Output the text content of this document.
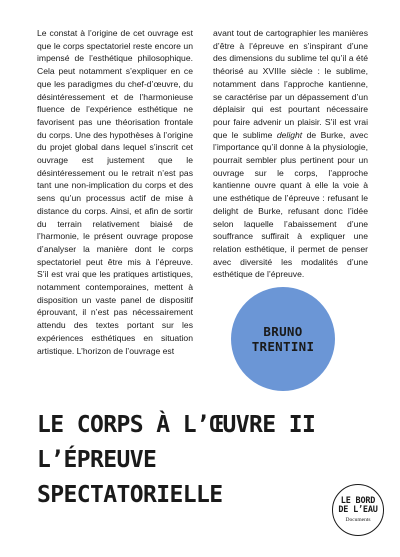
Le constat à l’origine de cet ouvrage est que le corps spectatoriel reste encore un impensé de l’esthétique philosophique. Cela peut notamment s’expliquer en ce que les paradigmes du chef-d’œuvre, du désintéressement et de l’harmonieuse fluence de l’expérience esthétique ne favorisent pas une théorisation frontale du corps. Une des hypothèses à l’origine du projet global dans lequel s’inscrit cet ouvrage est justement que le désintéressement ou le retrait n’est pas tant une non-implication du corps et des sens qu’un processus actif de mise à distance du corps. Ainsi, et afin de sortir du terrain relativement biaisé de l’harmonie, le présent ouvrage propose d’analyser la manière dont le corps spectatoriel peut être mis à l’épreuve. S’il est vrai que les pratiques artistiques, notamment contemporaines, mettent à disposition un vaste panel de dispositif éprouvant, il n’est pas nécessairement attendu des textes portant sur les expériences esthétiques en situation artistique. L’horizon de l’ouvrage est

avant tout de cartographier les manières d’être à l’épreuve en s’inspirant d’une des dimensions du sublime tel qu’il a été théorisé au XVIIIe siècle : le sublime, notamment dans l’approche kantienne, se caractérise par un dépassement d’un déplaisir qui est pourtant nécessaire pour faire advenir un plaisir. S’il est vrai que le sublime delight de Burke, avec l’importance qu’il donne à la physiologie, pourrait sembler plus pertinent pour un ouvrage sur le corps, l’approche kantienne ouvre quant à elle la voie à une esthétique de l’épreuve : refusant le delight de Burke, refusant donc l’idée selon laquelle l’abaissement d’une souffrance suffirait à expliquer une relation esthétique, il permet de penser avec diversité les modalités d’une esthétique de l’épreuve.

BRUNO
TRENTINI
LE CORPS À L’ŒUVRE II
L’ÉPREUVE
SPECTATORIELLE	LE BORD
DE L’EAU
Documents
